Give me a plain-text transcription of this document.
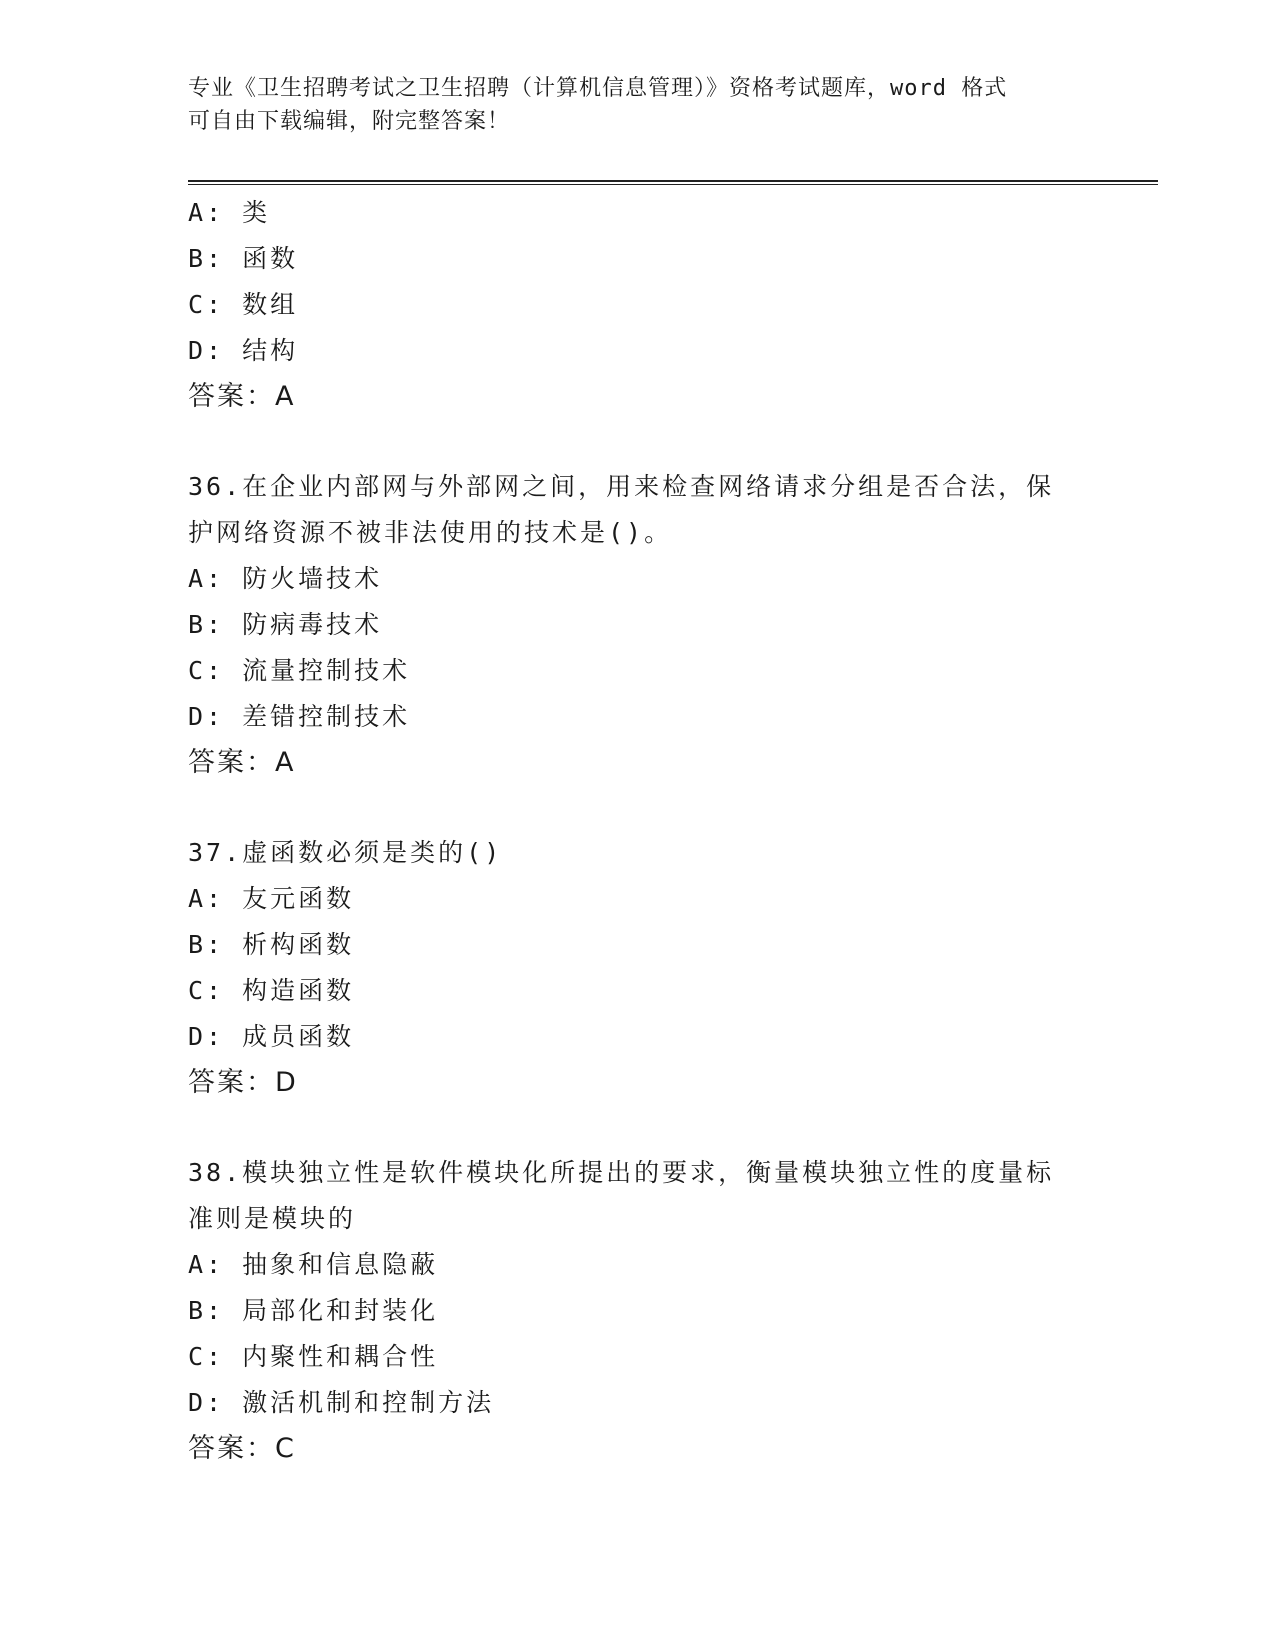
专业《卫生招聘考试之卫生招聘（计算机信息管理）》资格考试题库，word 格式
可自由下载编辑，附完整答案！
A: 类
B: 函数
C: 数组
D: 结构
答案：A
36.在企业内部网与外部网之间，用来检查网络请求分组是否合法，保
护网络资源不被非法使用的技术是()。
A: 防火墙技术
B: 防病毒技术
C: 流量控制技术
D: 差错控制技术
答案：A
37.虚函数必须是类的()
A: 友元函数
B: 析构函数
C: 构造函数
D: 成员函数
答案：D
38.模块独立性是软件模块化所提出的要求，衡量模块独立性的度量标
准则是模块的
A: 抽象和信息隐蔽
B: 局部化和封装化
C: 内聚性和耦合性
D: 激活机制和控制方法
答案：C
